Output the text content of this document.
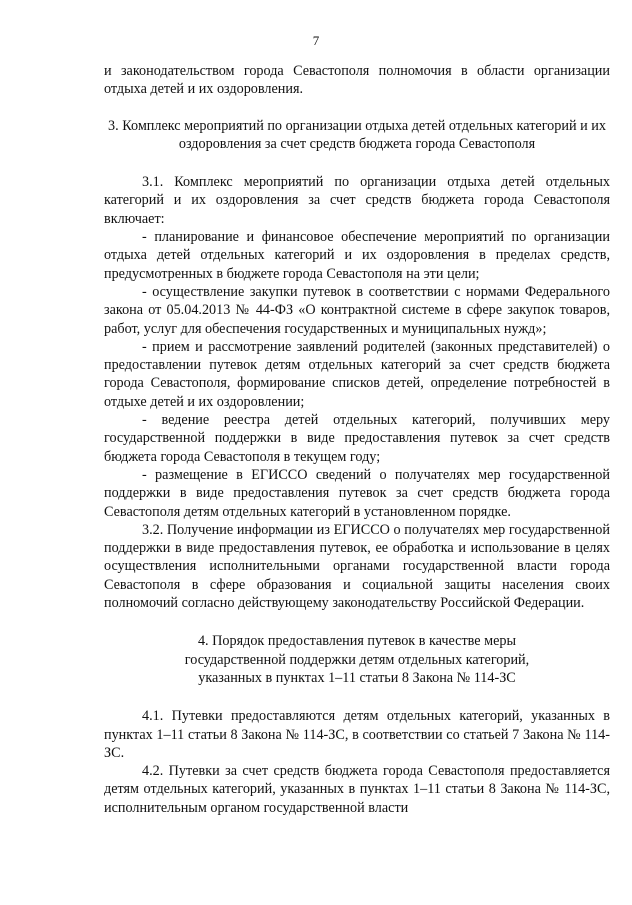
7

и законодательством города Севастополя полномочия в области организации отдыха детей и их оздоровления.

3. Комплекс мероприятий по организации отдыха детей отдельных категорий и их оздоровления за счет средств бюджета города Севастополя

3.1. Комплекс мероприятий по организации отдыха детей отдельных категорий и их оздоровления за счет средств бюджета города Севастополя включает:

- планирование и финансовое обеспечение мероприятий по организации отдыха детей отдельных категорий и их оздоровления в пределах средств, предусмотренных в бюджете города Севастополя на эти цели;

- осуществление закупки путевок в соответствии с нормами Федерального закона от 05.04.2013 № 44-ФЗ «О контрактной системе в сфере закупок товаров, работ, услуг для обеспечения государственных и муниципальных нужд»;

- прием и рассмотрение заявлений родителей (законных представителей) о предоставлении путевок детям отдельных категорий за счет средств бюджета города Севастополя, формирование списков детей, определение потребностей в отдыхе детей и их оздоровлении;

- ведение реестра детей отдельных категорий, получивших меру государственной поддержки в виде предоставления путевок за счет средств бюджета города Севастополя в текущем году;

- размещение в ЕГИССО сведений о получателях мер государственной поддержки в виде предоставления путевок за счет средств бюджета города Севастополя детям отдельных категорий в установленном порядке.

3.2. Получение информации из ЕГИССО о получателях мер государственной поддержки в виде предоставления путевок, ее обработка и использование в целях осуществления исполнительными органами государственной власти города Севастополя в сфере образования и социальной защиты населения своих полномочий согласно действующему законодательству Российской Федерации.

4. Порядок предоставления путевок в качестве меры

государственной поддержки детям отдельных категорий,

указанных в пунктах 1–11 статьи 8 Закона № 114-ЗС

4.1. Путевки предоставляются детям отдельных категорий, указанных в пунктах 1–11 статьи 8 Закона № 114-ЗС, в соответствии со статьей 7 Закона № 114-ЗС.

4.2. Путевки за счет средств бюджета города Севастополя предоставляется детям отдельных категорий, указанных в пунктах 1–11 статьи 8 Закона № 114-ЗС, исполнительным органом государственной власти
